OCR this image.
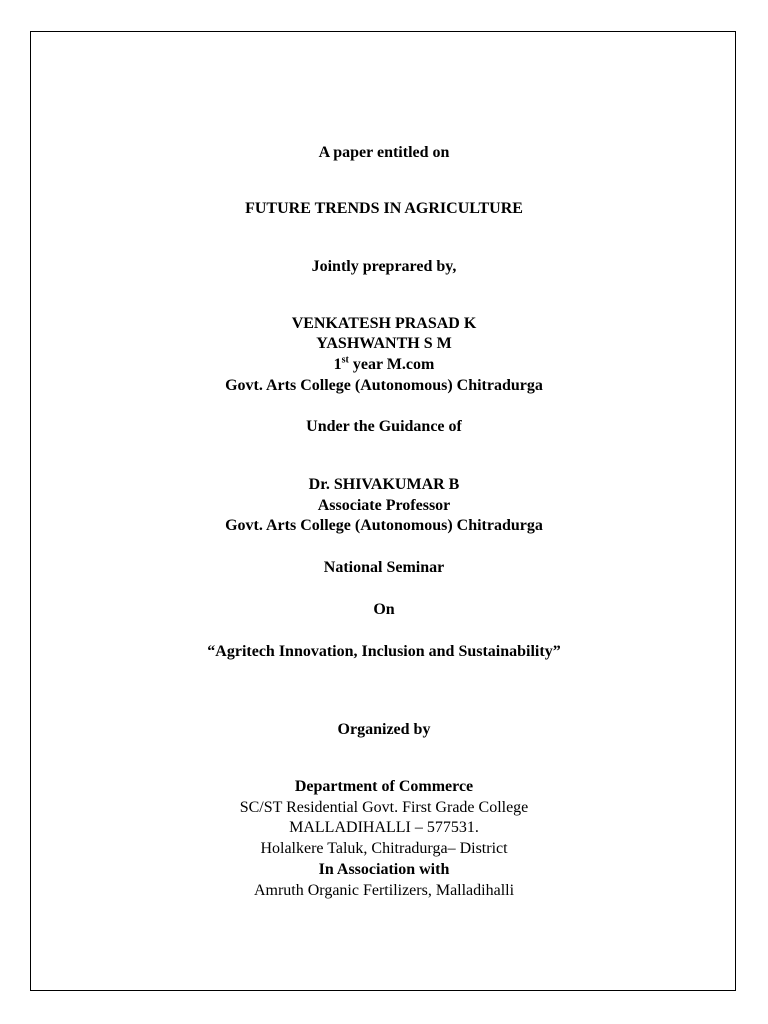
A paper entitled on
FUTURE TRENDS IN AGRICULTURE
Jointly preprared by,
VENKATESH PRASAD K
YASHWANTH S M
1st year M.com
Govt. Arts College (Autonomous) Chitradurga
Under the Guidance of
Dr. SHIVAKUMAR B
Associate Professor
Govt. Arts College (Autonomous) Chitradurga
National Seminar
On
“Agritech Innovation, Inclusion and Sustainability”
Organized by
Department of Commerce
SC/ST Residential Govt. First Grade College
MALLADIHALLI – 577531.
Holalkere Taluk, Chitradurga– District
In Association with
Amruth Organic Fertilizers, Malladihalli
